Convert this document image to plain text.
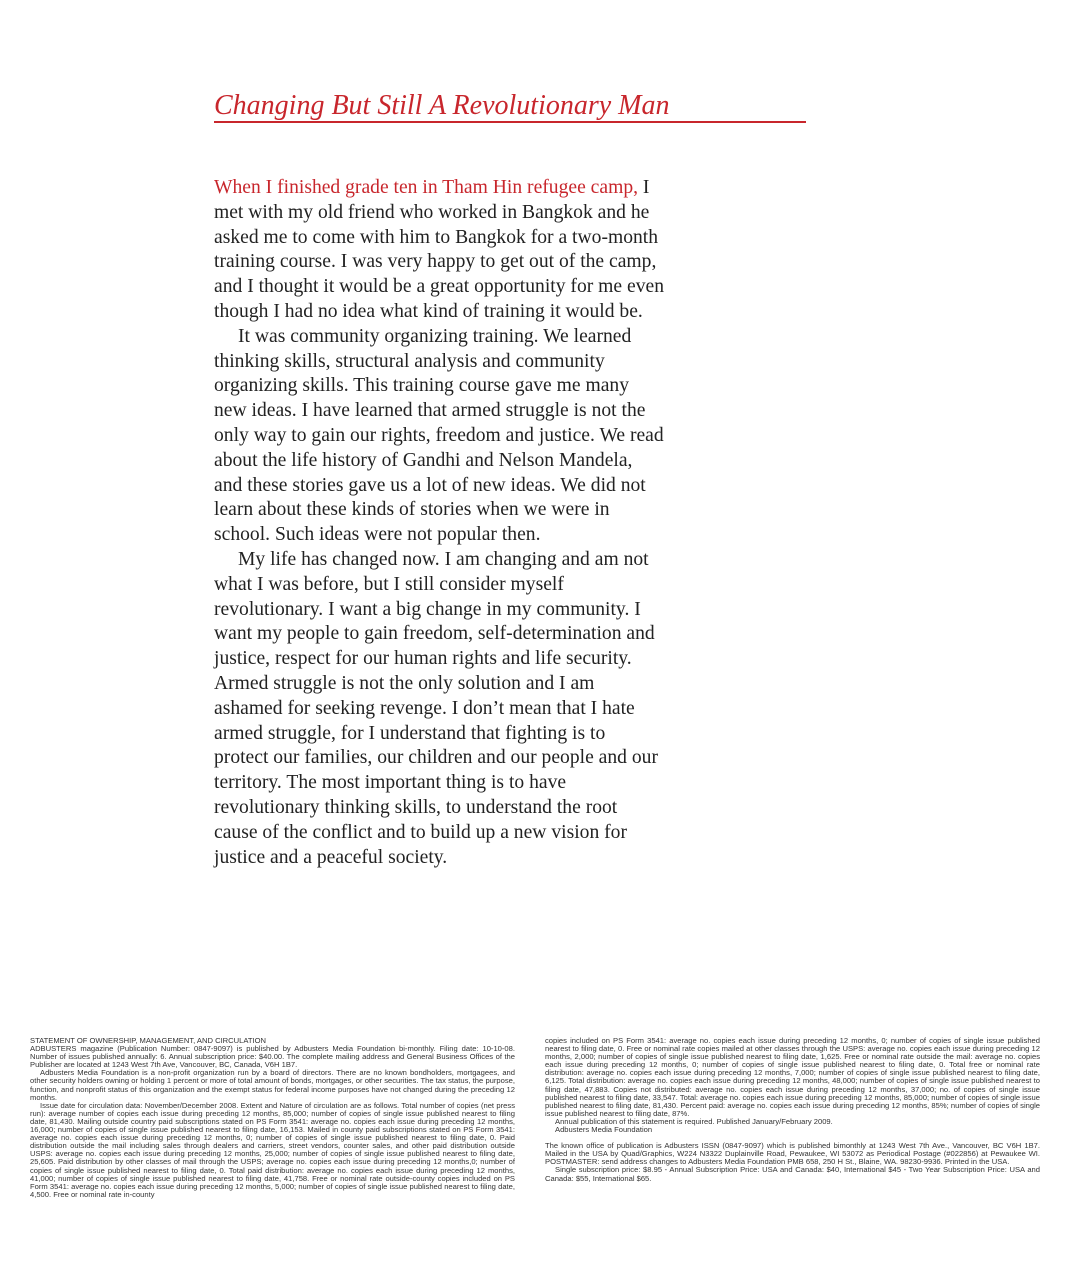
Changing But Still A Revolutionary Man

When I finished grade ten in Tham Hin refugee camp, I met with my old friend who worked in Bangkok and he asked me to come with him to Bangkok for a two-month training course. I was very happy to get out of the camp, and I thought it would be a great opportunity for me even though I had no idea what kind of training it would be.

It was community organizing training. We learned thinking skills, structural analysis and community organizing skills. This training course gave me many new ideas. I have learned that armed struggle is not the only way to gain our rights, freedom and justice. We read about the life history of Gandhi and Nelson Mandela, and these stories gave us a lot of new ideas. We did not learn about these kinds of stories when we were in school. Such ideas were not popular then.

My life has changed now. I am changing and am not what I was before, but I still consider myself revolutionary. I want a big change in my community. I want my people to gain freedom, self-determination and justice, respect for our human rights and life security. Armed struggle is not the only solution and I am ashamed for seeking revenge. I don’t mean that I hate armed struggle, for I understand that fighting is to protect our families, our children and our people and our territory. The most important thing is to have revolutionary thinking skills, to understand the root cause of the conflict and to build up a new vision for justice and a peaceful society.

STATEMENT OF OWNERSHIP, MANAGEMENT, AND CIRCULATION

ADBUSTERS magazine (Publication Number: 0847-9097) is published by Adbusters Media Foundation bi-monthly. Filing date: 10-10-08. Number of issues published annually: 6. Annual subscription price: $40.00. The complete mailing address and General Business Offices of the Publisher are located at 1243 West 7th Ave, Vancouver, BC, Canada, V6H 1B7.

Adbusters Media Foundation is a non-profit organization run by a board of directors. There are no known bondholders, mortgagees, and other security holders owning or holding 1 percent or more of total amount of bonds, mortgages, or other securities. The tax status, the purpose, function, and nonprofit status of this organization and the exempt status for federal income purposes have not changed during the preceding 12 months.

Issue date for circulation data: November/December 2008. Extent and Nature of circulation are as follows. Total number of copies (net press run): average number of copies each issue during preceding 12 months, 85,000; number of copies of single issue published nearest to filing date, 81,430. Mailing outside country paid subscriptions stated on PS Form 3541: average no. copies each issue during preceding 12 months, 16,000; number of copies of single issue published nearest to filing date, 16,153. Mailed in county paid subscriptions stated on PS Form 3541: average no. copies each issue during preceding 12 months, 0; number of copies of single issue published nearest to filing date, 0. Paid distribution outside the mail including sales through dealers and carriers, street vendors, counter sales, and other paid distribution outside USPS: average no. copies each issue during preceding 12 months, 25,000; number of copies of single issue published nearest to filing date, 25,605. Paid distribution by other classes of mail through the USPS; average no. copies each issue during preceding 12 months,0; number of copies of single issue published nearest to filing date, 0. Total paid distribution: average no. copies each issue during preceding 12 months, 41,000; number of copies of single issue published nearest to filing date, 41,758. Free or nominal rate outside-county copies included on PS Form 3541: average no. copies each issue during preceding 12 months, 5,000; number of copies of single issue published nearest to filing date, 4,500. Free or nominal rate in-county

copies included on PS Form 3541: average no. copies each issue during preceding 12 months, 0; number of copies of single issue published nearest to filing date, 0. Free or nominal rate copies mailed at other classes through the USPS: average no. copies each issue during preceding 12 months, 2,000; number of copies of single issue published nearest to filing date, 1,625. Free or nominal rate outside the mail: average no. copies each issue during preceding 12 months, 0; number of copies of single issue published nearest to filing date, 0. Total free or nominal rate distribution: average no. copies each issue during preceding 12 months, 7,000; number of copies of single issue published nearest to filing date, 6,125. Total distribution: average no. copies each issue during preceding 12 months, 48,000; number of copies of single issue published nearest to filing date, 47,883. Copies not distributed: average no. copies each issue during preceding 12 months, 37,000; no. of copies of single issue published nearest to filing date, 33,547. Total: average no. copies each issue during preceding 12 months, 85,000; number of copies of single issue published nearest to filing date, 81,430. Percent paid: average no. copies each issue during preceding 12 months, 85%; number of copies of single issue published nearest to filing date, 87%.

Annual publication of this statement is required. Published January/February 2009.

Adbusters Media Foundation

The known office of publication is Adbusters ISSN (0847-9097) which is published bimonthly at 1243 West 7th Ave., Vancouver, BC V6H 1B7. Mailed in the USA by Quad/Graphics, W224 N3322 Duplainville Road, Pewaukee, WI 53072 as Periodical Postage (#022856) at Pewaukee WI. POSTMASTER: send address changes to Adbusters Media Foundation PMB 658, 250 H St., Blaine, WA. 98230-9936. Printed in the USA.

Single subscription price: $8.95 - Annual Subscription Price: USA and Canada: $40, International $45 - Two Year Subscription Price: USA and Canada: $55, International $65.
